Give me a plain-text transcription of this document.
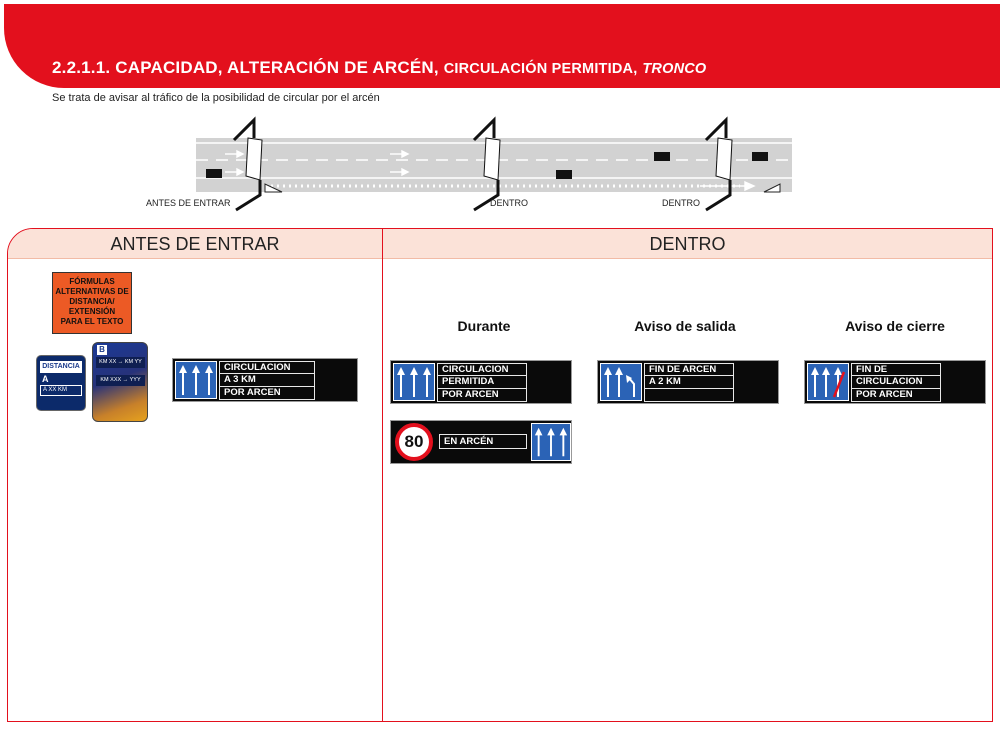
2.2.1.1. CAPACIDAD, ALTERACIÓN DE ARCÉN, CIRCULACIÓN PERMITIDA, TRONCO
Se trata de avisar al tráfico de la posibilidad de circular por el arcén
ANTES DE ENTRAR	DENTRO	DENTRO
ANTES DE ENTRAR	DENTRO
FÓRMULAS
ALTERNATIVAS DE
DISTANCIA/
EXTENSIÓN
PARA EL TEXTO
DISTANCIA
A
A XX KM
B
KM XX → KM YY
KM XXX → YYY
CIRCULACION
A 3 KM
POR ARCEN
Durante	Aviso de salida	Aviso de cierre
CIRCULACION
PERMITIDA
POR ARCEN
80	EN ARCÉN
FIN DE ARCEN
A 2 KM
FIN DE
CIRCULACION
POR ARCEN
